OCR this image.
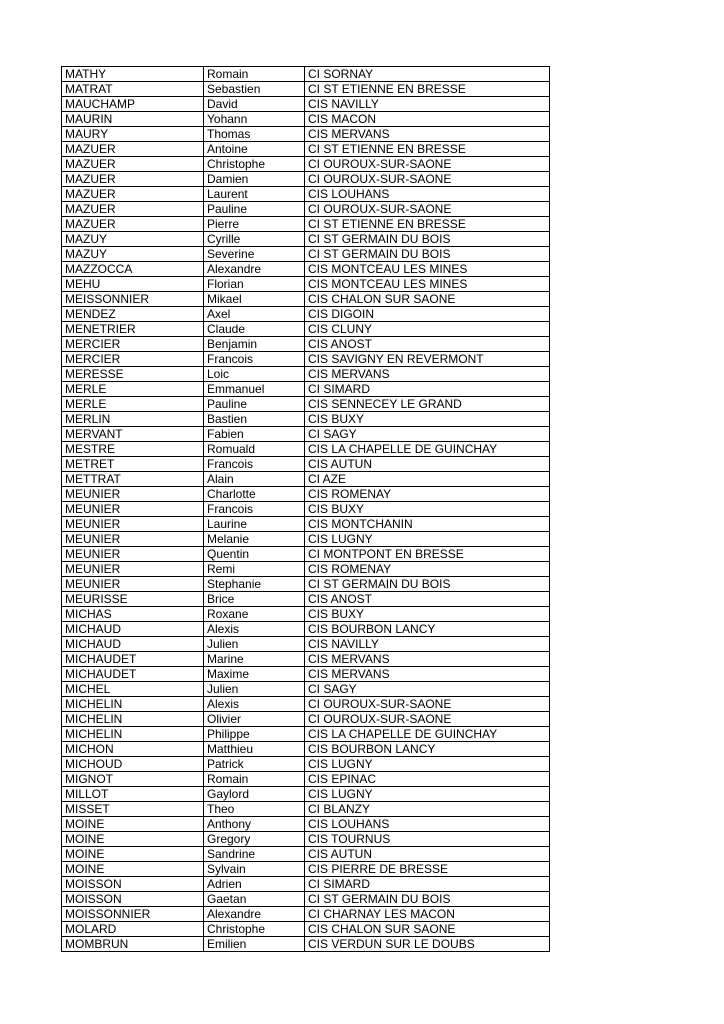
MATHY	Romain	CI SORNAY
MATRAT	Sebastien	CI ST ETIENNE EN BRESSE
MAUCHAMP	David	CIS NAVILLY
MAURIN	Yohann	CIS MACON
MAURY	Thomas	CIS MERVANS
MAZUER	Antoine	CI ST ETIENNE EN BRESSE
MAZUER	Christophe	CI OUROUX-SUR-SAONE
MAZUER	Damien	CI OUROUX-SUR-SAONE
MAZUER	Laurent	CIS LOUHANS
MAZUER	Pauline	CI OUROUX-SUR-SAONE
MAZUER	Pierre	CI ST ETIENNE EN BRESSE
MAZUY	Cyrille	CI ST GERMAIN DU BOIS
MAZUY	Severine	CI ST GERMAIN DU BOIS
MAZZOCCA	Alexandre	CIS MONTCEAU LES MINES
MEHU	Florian	CIS MONTCEAU LES MINES
MEISSONNIER	Mikael	CIS CHALON SUR SAONE
MENDEZ	Axel	CIS DIGOIN
MENETRIER	Claude	CIS CLUNY
MERCIER	Benjamin	CIS ANOST
MERCIER	Francois	CIS SAVIGNY EN REVERMONT
MERESSE	Loic	CIS MERVANS
MERLE	Emmanuel	CI SIMARD
MERLE	Pauline	CIS SENNECEY LE GRAND
MERLIN	Bastien	CIS BUXY
MERVANT	Fabien	CI SAGY
MESTRE	Romuald	CIS LA CHAPELLE DE GUINCHAY
METRET	Francois	CIS AUTUN
METTRAT	Alain	CI AZE
MEUNIER	Charlotte	CIS ROMENAY
MEUNIER	Francois	CIS BUXY
MEUNIER	Laurine	CIS MONTCHANIN
MEUNIER	Melanie	CIS LUGNY
MEUNIER	Quentin	CI MONTPONT EN BRESSE
MEUNIER	Remi	CIS ROMENAY
MEUNIER	Stephanie	CI ST GERMAIN DU BOIS
MEURISSE	Brice	CIS ANOST
MICHAS	Roxane	CIS BUXY
MICHAUD	Alexis	CIS BOURBON LANCY
MICHAUD	Julien	CIS NAVILLY
MICHAUDET	Marine	CIS MERVANS
MICHAUDET	Maxime	CIS MERVANS
MICHEL	Julien	CI SAGY
MICHELIN	Alexis	CI OUROUX-SUR-SAONE
MICHELIN	Olivier	CI OUROUX-SUR-SAONE
MICHELIN	Philippe	CIS LA CHAPELLE DE GUINCHAY
MICHON	Matthieu	CIS BOURBON LANCY
MICHOUD	Patrick	CIS LUGNY
MIGNOT	Romain	CIS EPINAC
MILLOT	Gaylord	CIS LUGNY
MISSET	Theo	CI BLANZY
MOINE	Anthony	CIS LOUHANS
MOINE	Gregory	CIS TOURNUS
MOINE	Sandrine	CIS AUTUN
MOINE	Sylvain	CIS PIERRE DE BRESSE
MOISSON	Adrien	CI SIMARD
MOISSON	Gaetan	CI ST GERMAIN DU BOIS
MOISSONNIER	Alexandre	CI CHARNAY LES MACON
MOLARD	Christophe	CIS CHALON SUR SAONE
MOMBRUN	Emilien	CIS VERDUN SUR LE DOUBS
